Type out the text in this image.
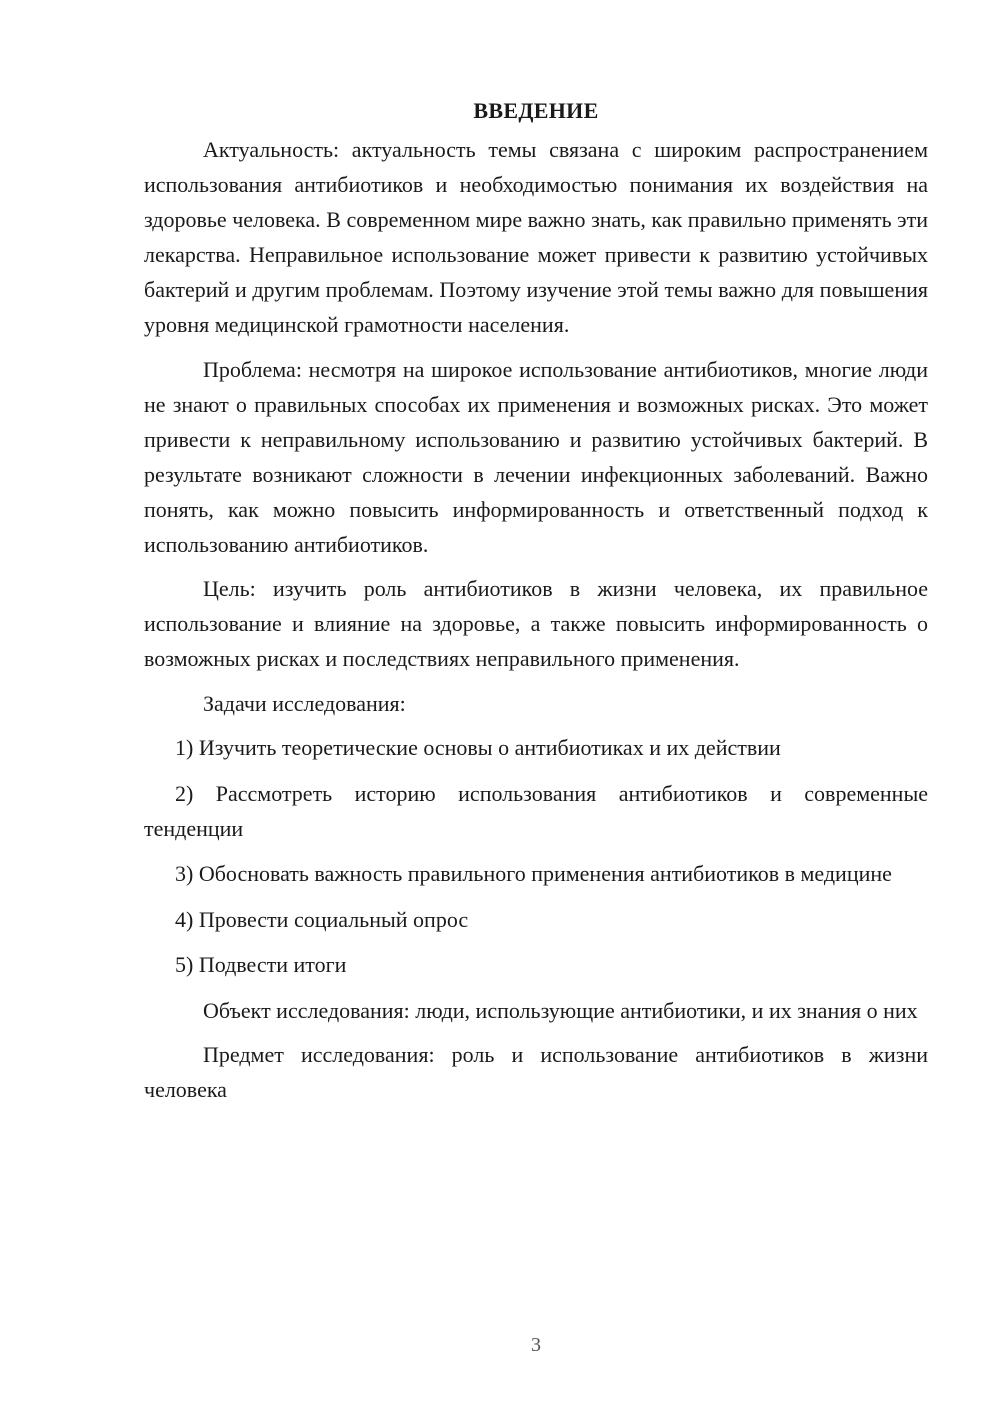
ВВЕДЕНИЕ

Актуальность: актуальность темы связана с широким распространением использования антибиотиков и необходимостью понимания их воздействия на здоровье человека. В современном мире важно знать, как правильно применять эти лекарства. Неправильное использование может привести к развитию устойчивых бактерий и другим проблемам. Поэтому изучение этой темы важно для повышения уровня медицинской грамотности населения.

Проблема: несмотря на широкое использование антибиотиков, многие люди не знают о правильных способах их применения и возможных рисках. Это может привести к неправильному использованию и развитию устойчивых бактерий. В результате возникают сложности в лечении инфекционных заболеваний. Важно понять, как можно повысить информированность и ответственный подход к использованию антибиотиков.

Цель: изучить роль антибиотиков в жизни человека, их правильное использование и влияние на здоровье, а также повысить информированность о возможных рисках и последствиях неправильного применения.

Задачи исследования:

1) Изучить теоретические основы о антибиотиках и их действии

2) Рассмотреть историю использования антибиотиков и современные тенденции

3) Обосновать важность правильного применения антибиотиков в медицине

4) Провести социальный опрос

5) Подвести итоги

Объект исследования: люди, использующие антибиотики, и их знания о них

Предмет исследования: роль и использование антибиотиков в жизни человека

3
